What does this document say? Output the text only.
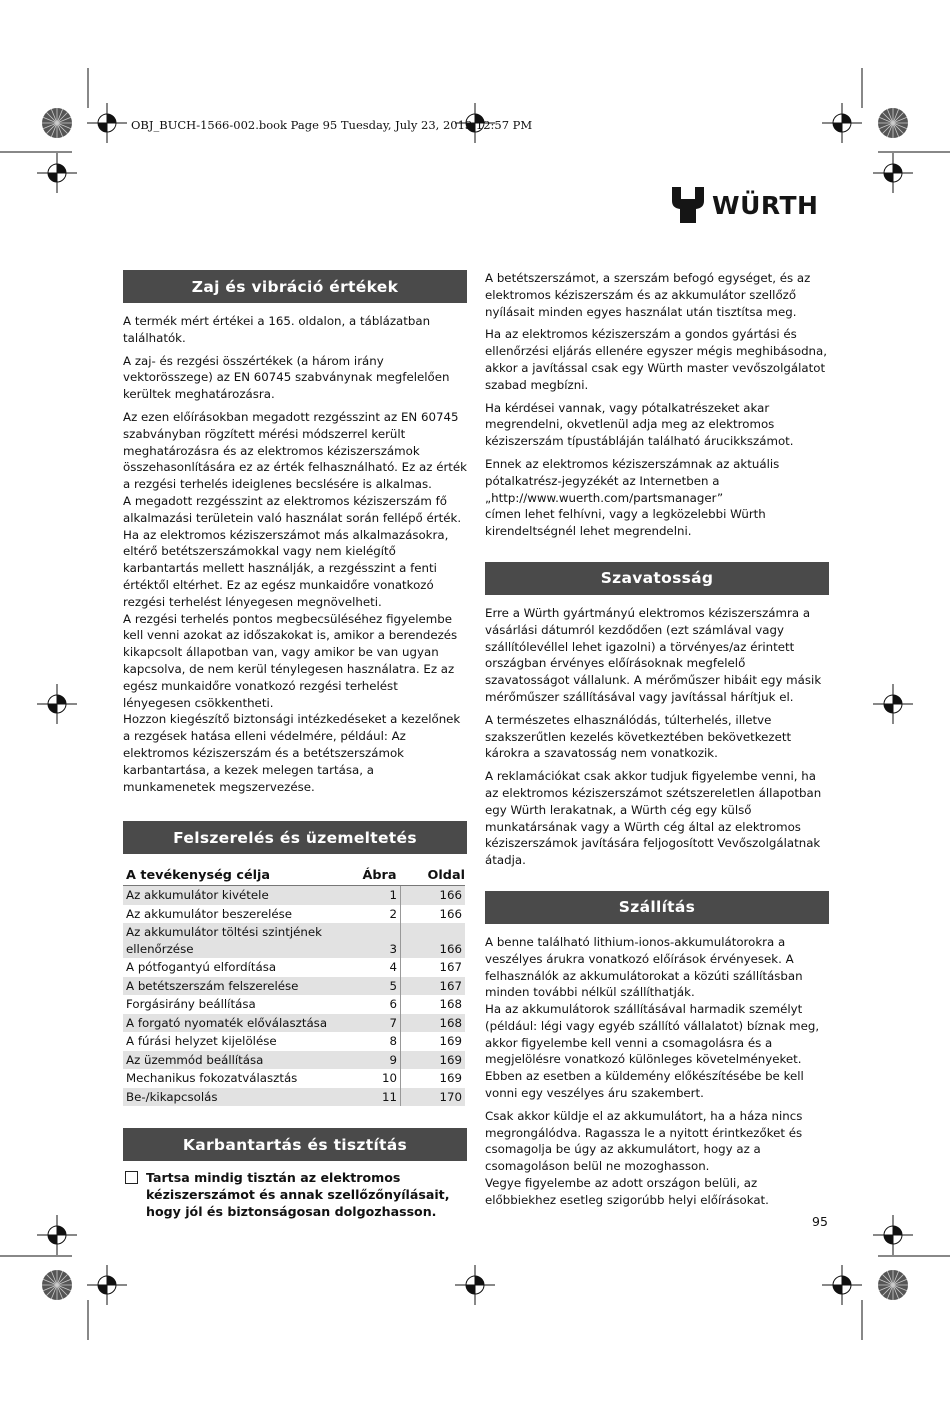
OBJ_BUCH-1566-002.book Page 95 Tuesday, July 23, 2013 12:57 PM
WÜRTH
Zaj és vibráció értékek

A termék mért értékei a 165. oldalon, a táblázatban találhatók.

A zaj- és rezgési összértékek (a három irány vektorösszege) az EN 60745 szabványnak megfelelően kerültek meghatározásra.

Az ezen előírásokban megadott rezgésszint az EN 60745 szabványban rögzített mérési módszerrel került meghatározásra és az elektromos kéziszerszámok összehasonlítására ez az érték felhasználható. Ez az érték a rezgési terhelés ideiglenes becslésére is alkalmas.

A megadott rezgésszint az elektromos kéziszerszám fő alkalmazási területein való használat során fellépő érték. Ha az elektromos kéziszerszámot más alkalmazásokra, eltérő betétszerszámokkal vagy nem kielégítő karbantartás mellett használják, a rezgésszint a fenti értéktől eltérhet. Ez az egész munkaidőre vonatkozó rezgési terhelést lényegesen megnövelheti.

A rezgési terhelés pontos megbecsüléséhez figyelembe kell venni azokat az időszakokat is, amikor a berendezés kikapcsolt állapotban van, vagy amikor be van ugyan kapcsolva, de nem kerül ténylegesen használatra. Ez az egész munkaidőre vonatkozó rezgési terhelést lényegesen csökkentheti.

Hozzon kiegészítő biztonsági intézkedéseket a kezelőnek a rezgések hatása elleni védelmére, például: Az elektromos kéziszerszám és a betétszerszámok karbantartása, a kezek melegen tartása, a munkamenetek megszervezése.

Felszerelés és üzemeltetés
A tevékenység célja	Ábra	Oldal
Az akkumulátor kivétele	1	166
Az akkumulátor beszerelése	2	166
Az akkumulátor töltési szintjének ellenőrzése	3	166
A pótfogantyú elfordítása	4	167
A betétszerszám felszerelése	5	167
Forgásirány beállítása	6	168
A forgató nyomaték előválasztása	7	168
A fúrási helyzet kijelölése	8	169
Az üzemmód beállítása	9	169
Mechanikus fokozatválasztás	10	169
Be-/kikapcsolás	11	170
Karbantartás és tisztítás
Tartsa mindig tisztán az elektromos kéziszerszámot és annak szellőzőnyílásait, hogy jól és biztonságosan dolgozhasson.

A betétszerszámot, a szerszám befogó egységet, és az elektromos kéziszerszám és az akkumulátor szellőző nyílásait minden egyes használat után tisztítsa meg.

Ha az elektromos kéziszerszám a gondos gyártási és ellenőrzési eljárás ellenére egyszer mégis meghibásodna, akkor a javítással csak egy Würth master vevőszolgálatot szabad megbízni.

Ha kérdései vannak, vagy pótalkatrészeket akar megrendelni, okvetlenül adja meg az elektromos kéziszerszám típustábláján található árucikkszámot.

Ennek az elektromos kéziszerszámnak az aktuális pótalkatrész-jegyzékét az Internetben a

„http://www.wuerth.com/partsmanager”

címen lehet felhívni, vagy a legközelebbi Würth kirendeltségnél lehet megrendelni.

Szavatosság

Erre a Würth gyártmányú elektromos kéziszerszámra a vásárlási dátumról kezdődően (ezt számlával vagy szállítólevéllel lehet igazolni) a törvényes/az érintett országban érvényes előírásoknak megfelelő szavatosságot vállalunk. A mérőműszer hibáit egy másik mérőműszer szállításával vagy javítással hárítjuk el.

A természetes elhasználódás, túlterhelés, illetve szakszerűtlen kezelés következtében bekövetkezett károkra a szavatosság nem vonatkozik.

A reklamációkat csak akkor tudjuk figyelembe venni, ha az elektromos kéziszerszámot szétszereletlen állapotban egy Würth lerakatnak, a Würth cég egy külső munkatársának vagy a Würth cég által az elektromos kéziszerszámok javítására feljogosított Vevőszolgálatnak átadja.

Szállítás

A benne található lithium-ionos-akkumulátorokra a veszélyes árukra vonatkozó előírások érvényesek. A felhasználók az akkumulátorokat a közúti szállításban minden további nélkül szállíthatják.

Ha az akkumulátorok szállításával harmadik személyt (például: légi vagy egyéb szállító vállalatot) bíznak meg, akkor figyelembe kell venni a csomagolásra és a megjelölésre vonatkozó különleges követelményeket. Ebben az esetben a küldemény előkészítésébe be kell vonni egy veszélyes áru szakembert.

Csak akkor küldje el az akkumulátort, ha a háza nincs megrongálódva. Ragassza le a nyitott érintkezőket és csomagolja be úgy az akkumulátort, hogy az a csomagoláson belül ne mozoghasson.

Vegye figyelembe az adott országon belüli, az előbbiekhez esetleg szigorúbb helyi előírásokat.

95
